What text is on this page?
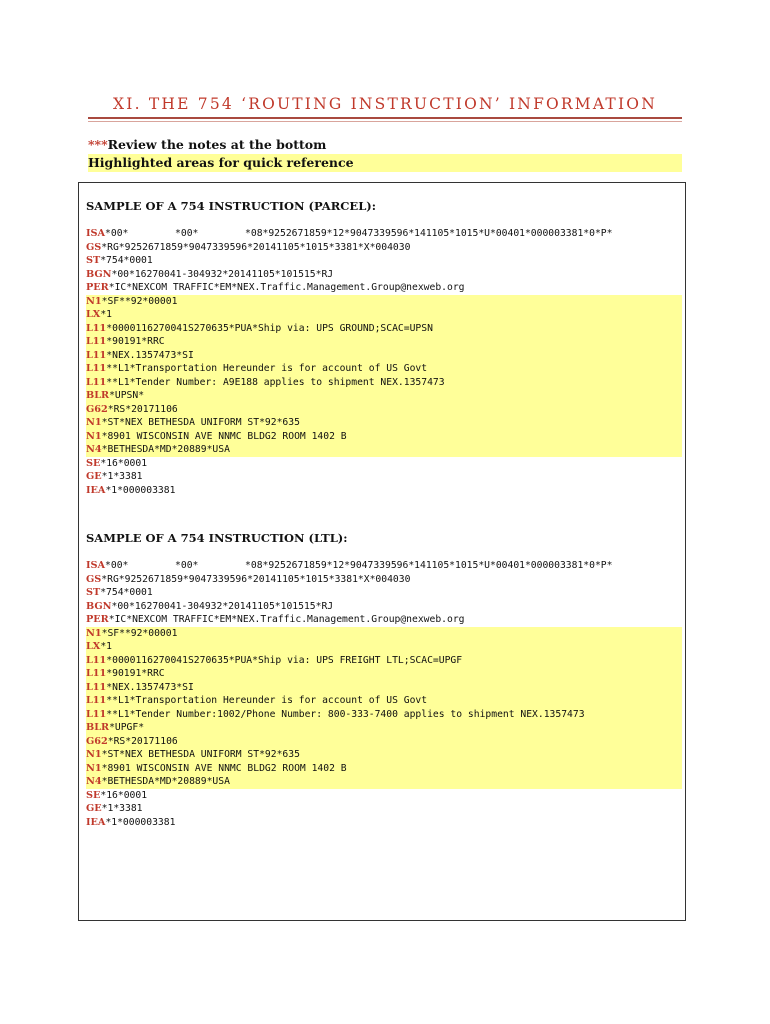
XI. THE 754 ‘ROUTING INSTRUCTION’ INFORMATION
***Review the notes at the bottom
Highlighted areas for quick reference
SAMPLE OF A 754 INSTRUCTION (PARCEL):
ISA*00*        *00*        *08*9252671859*12*9047339596*141105*1015*U*00401*000003381*0*P*
GS*RG*9252671859*9047339596*20141105*1015*3381*X*004030
ST*754*0001
BGN*00*16270041-304932*20141105*101515*RJ
PER*IC*NEXCOM TRAFFIC*EM*NEX.Traffic.Management.Group@nexweb.org
N1*SF**92*00001
LX*1
L11*0000116270041S270635*PUA*Ship via: UPS GROUND;SCAC=UPSN
L11*90191*RRC
L11*NEX.1357473*SI
L11**L1*Transportation Hereunder is for account of US Govt
L11**L1*Tender Number: A9E188 applies to shipment NEX.1357473
BLR*UPSN*
G62*RS*20171106
N1*ST*NEX BETHESDA UNIFORM ST*92*635
N1*8901 WISCONSIN AVE NNMC BLDG2 ROOM 1402 B
N4*BETHESDA*MD*20889*USA
SE*16*0001
GE*1*3381
IEA*1*000003381
SAMPLE OF A 754 INSTRUCTION (LTL):
ISA*00*        *00*        *08*9252671859*12*9047339596*141105*1015*U*00401*000003381*0*P*
GS*RG*9252671859*9047339596*20141105*1015*3381*X*004030
ST*754*0001
BGN*00*16270041-304932*20141105*101515*RJ
PER*IC*NEXCOM TRAFFIC*EM*NEX.Traffic.Management.Group@nexweb.org
N1*SF**92*00001
LX*1
L11*0000116270041S270635*PUA*Ship via: UPS FREIGHT LTL;SCAC=UPGF
L11*90191*RRC
L11*NEX.1357473*SI
L11**L1*Transportation Hereunder is for account of US Govt
L11**L1*Tender Number:1002/Phone Number: 800-333-7400 applies to shipment NEX.1357473
BLR*UPGF*
G62*RS*20171106
N1*ST*NEX BETHESDA UNIFORM ST*92*635
N1*8901 WISCONSIN AVE NNMC BLDG2 ROOM 1402 B
N4*BETHESDA*MD*20889*USA
SE*16*0001
GE*1*3381
IEA*1*000003381
